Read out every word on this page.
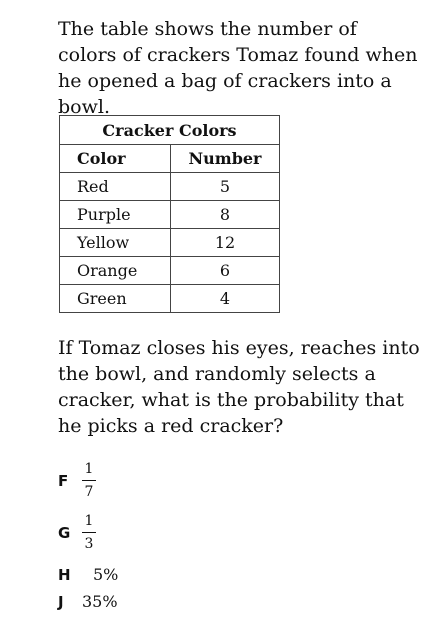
The table shows the number of colors of crackers Tomaz found when he opened a bag of crackers into a bowl.

Cracker Colors	
Color	Number
Red	5
Purple	8
Yellow	12
Orange	6
Green	4

If Tomaz closes his eyes, reaches into the bowl, and randomly selects a cracker, what is the probability that he picks a red cracker?

F $\frac{1}{7}$
G $\frac{1}{3}$
H	5%
J	35%
